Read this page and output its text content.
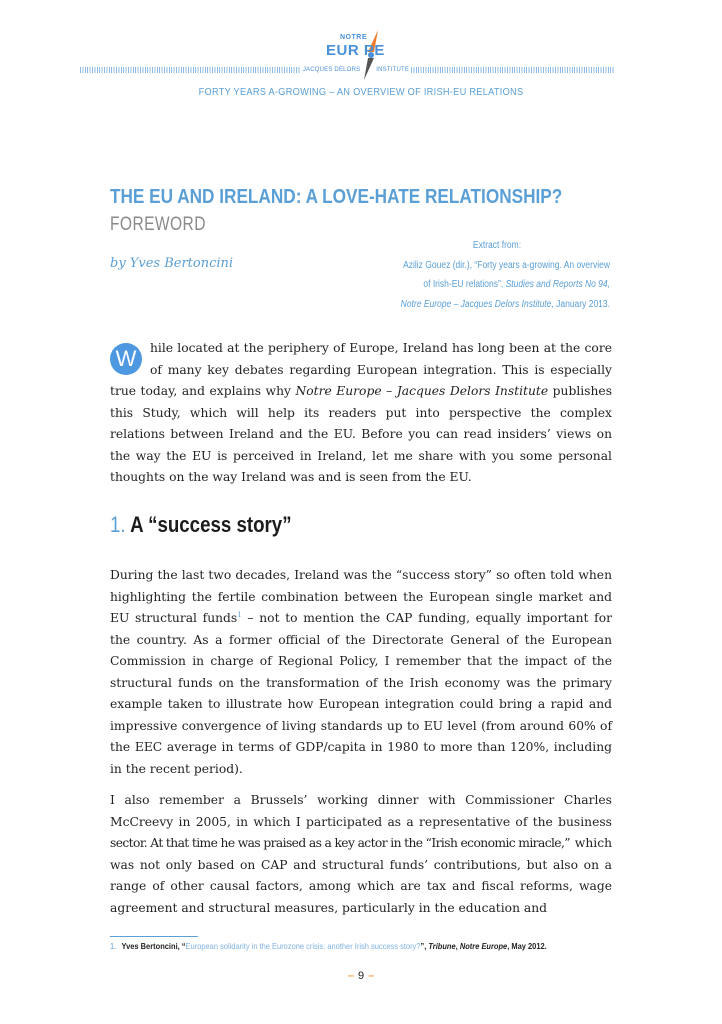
NOTRE
EUR PE
JACQUES DELORS	INSTITUTE
FORTY YEARS A-GROWING – AN OVERVIEW OF IRISH-EU RELATIONS
THE EU AND IRELAND: A LOVE-HATE RELATIONSHIP?
FOREWORD
by Yves Bertoncini
Extract from:
Aziliz Gouez (dir.), “Forty years a-growing. An overview
of Irish-EU relations”, Studies and Reports No 94,
Notre Europe – Jacques Delors Institute, January 2013.

W	hile located at the periphery of Europe, Ireland has long been at the core of many key debates regarding European integration. This is especially true today, and explains why Notre Europe – Jacques Delors Institute publishes this Study, which will help its readers put into perspective the complex relations between Ireland and the EU. Before you can read insiders’ views on the way the EU is perceived in Ireland, let me share with you some personal thoughts on the way Ireland was and is seen from the EU.

1. A “success story”

During the last two decades, Ireland was the “success story” so often told when highlighting the fertile combination between the European single market and EU structural funds$^1$ – not to mention the CAP funding, equally important for the country. As a former official of the Directorate General of the European Commission in charge of Regional Policy, I remember that the impact of the structural funds on the transformation of the Irish economy was the primary example taken to illustrate how European integration could bring a rapid and impressive convergence of living standards up to EU level (from around 60% of the EEC average in terms of GDP/capita in 1980 to more than 120%, including in the recent period).

I also remember a Brussels’ working dinner with Commissioner Charles McCreevy in 2005, in which I participated as a representative of the business sector. At that time he was praised as a key actor in the “Irish economic miracle,” which was not only based on CAP and structural funds’ contributions, but also on a range of other causal factors, among which are tax and fiscal reforms, wage agreement and structural measures, particularly in the education and

1. Yves Bertoncini, “European solidarity in the Eurozone crisis: another Irish success story?”, Tribune, Notre Europe, May 2012.
– 9 –
